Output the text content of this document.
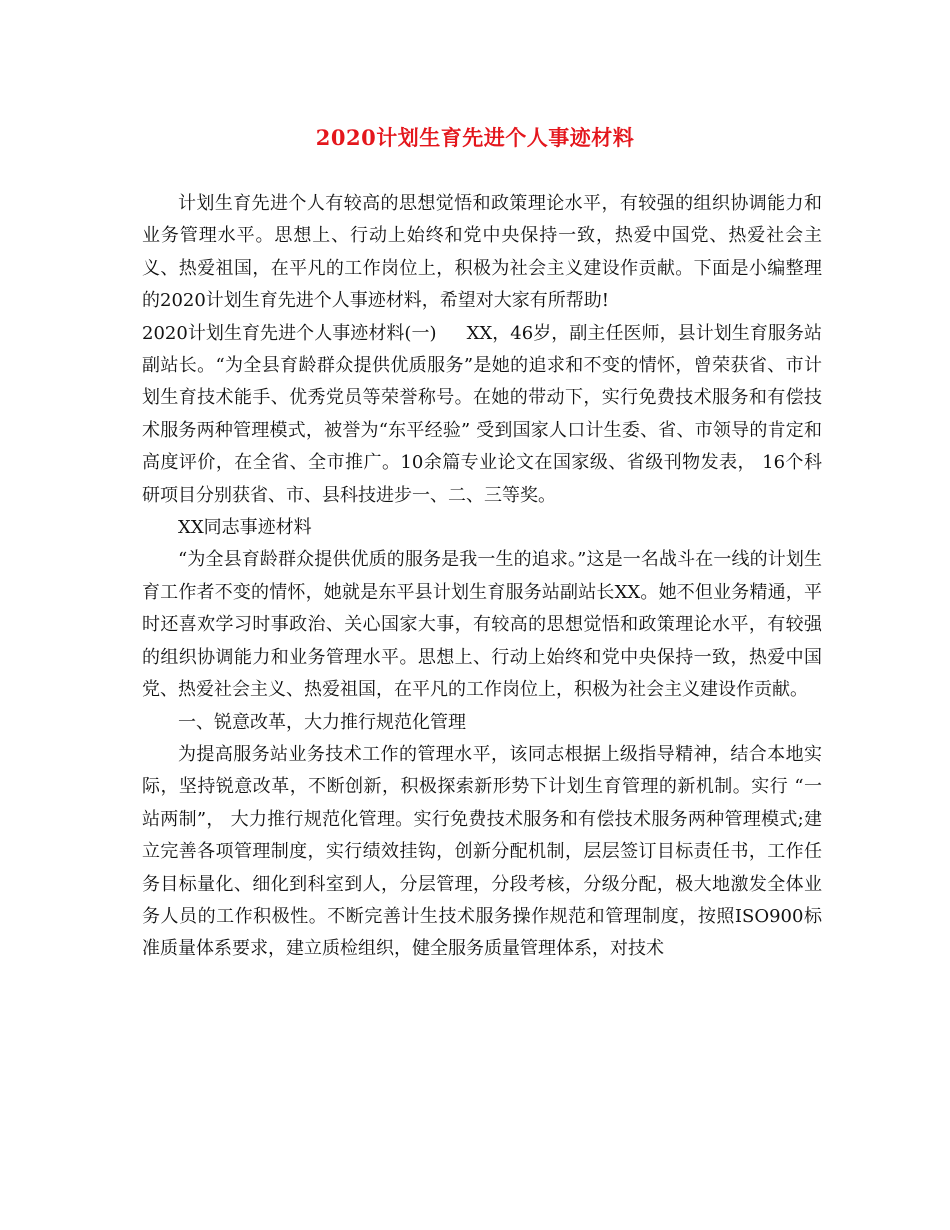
2020计划生育先进个人事迹材料

计划生育先进个人有较高的思想觉悟和政策理论水平，有较强的组织协调能力和业务管理水平。思想上、行动上始终和党中央保持一致，热爱中国党、热爱社会主义、热爱祖国，在平凡的工作岗位上，积极为社会主义建设作贡献。下面是小编整理的2020计划生育先进个人事迹材料，希望对大家有所帮助!

2020计划生育先进个人事迹材料(一) XX，46岁，副主任医师，县计划生育服务站副站长。“为全县育龄群众提供优质服务”是她的追求和不变的情怀，曾荣获省、市计划生育技术能手、优秀党员等荣誉称号。在她的带动下，实行免费技术服务和有偿技术服务两种管理模式，被誉为“东平经验” 受到国家人口计生委、省、市领导的肯定和高度评价，在全省、全市推广。10余篇专业论文在国家级、省级刊物发表， 16个科研项目分别获省、市、县科技进步一、二、三等奖。

XX同志事迹材料

“为全县育龄群众提供优质的服务是我一生的追求。”这是一名战斗在一线的计划生育工作者不变的情怀，她就是东平县计划生育服务站副站长XX。她不但业务精通，平时还喜欢学习时事政治、关心国家大事，有较高的思想觉悟和政策理论水平，有较强的组织协调能力和业务管理水平。思想上、行动上始终和党中央保持一致，热爱中国党、热爱社会主义、热爱祖国，在平凡的工作岗位上，积极为社会主义建设作贡献。

一、锐意改革，大力推行规范化管理

为提高服务站业务技术工作的管理水平，该同志根据上级指导精神，结合本地实际，坚持锐意改革，不断创新，积极探索新形势下计划生育管理的新机制。实行 “一站两制”， 大力推行规范化管理。实行免费技术服务和有偿技术服务两种管理模式;建立完善各项管理制度，实行绩效挂钩，创新分配机制，层层签订目标责任书，工作任务目标量化、细化到科室到人，分层管理，分段考核，分级分配，极大地激发全体业务人员的工作积极性。不断完善计生技术服务操作规范和管理制度，按照ISO900标准质量体系要求，建立质检组织，健全服务质量管理体系，对技术
